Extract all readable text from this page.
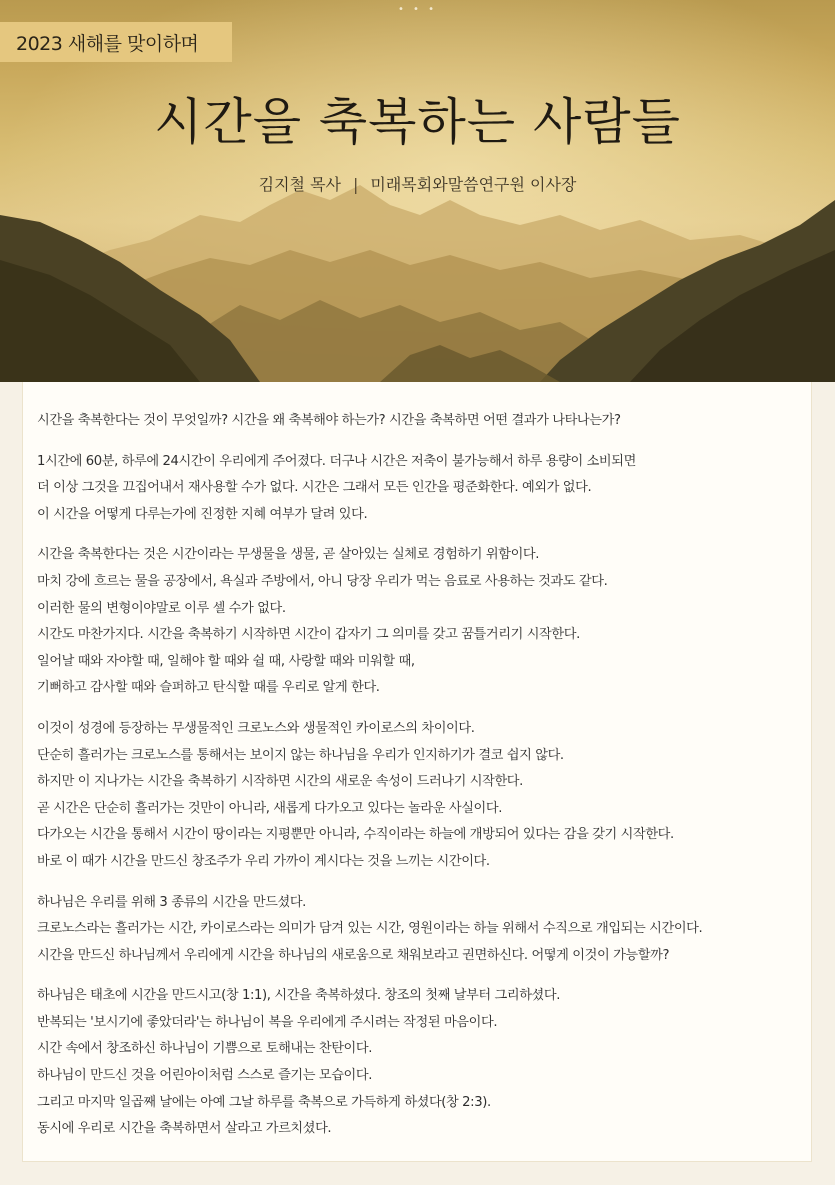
• • •
2023 새해를 맞이하며
시간을 축복하는 사람들
김지철 목사 | 미래목회와말씀연구원 이사장
시간을 축복한다는 것이 무엇일까? 시간을 왜 축복해야 하는가? 시간을 축복하면 어떤 결과가 나타나는가?
1시간에 60분, 하루에 24시간이 우리에게 주어졌다. 더구나 시간은 저축이 불가능해서 하루 용량이 소비되면
더 이상 그것을 끄집어내서 재사용할 수가 없다. 시간은 그래서 모든 인간을 평준화한다. 예외가 없다.
이 시간을 어떻게 다루는가에 진정한 지혜 여부가 달려 있다.
시간을 축복한다는 것은 시간이라는 무생물을 생물, 곧 살아있는 실체로 경험하기 위함이다.
마치 강에 흐르는 물을 공장에서, 욕실과 주방에서, 아니 당장 우리가 먹는 음료로 사용하는 것과도 같다.
이러한 물의 변형이야말로 이루 셀 수가 없다.
시간도 마찬가지다. 시간을 축복하기 시작하면 시간이 갑자기 그 의미를 갖고 꿈틀거리기 시작한다.
일어날 때와 자야할 때, 일해야 할 때와 쉴 때, 사랑할 때와 미워할 때,
기뻐하고 감사할 때와 슬퍼하고 탄식할 때를 우리로 알게 한다.
이것이 성경에 등장하는 무생물적인 크로노스와 생물적인 카이로스의 차이이다.
단순히 흘러가는 크로노스를 통해서는 보이지 않는 하나님을 우리가 인지하기가 결코 쉽지 않다.
하지만 이 지나가는 시간을 축복하기 시작하면 시간의 새로운 속성이 드러나기 시작한다.
곧 시간은 단순히 흘러가는 것만이 아니라, 새롭게 다가오고 있다는 놀라운 사실이다.
다가오는 시간을 통해서 시간이 땅이라는 지평뿐만 아니라, 수직이라는 하늘에 개방되어 있다는 감을 갖기 시작한다.
바로 이 때가 시간을 만드신 창조주가 우리 가까이 계시다는 것을 느끼는 시간이다.
하나님은 우리를 위해 3 종류의 시간을 만드셨다.
크로노스라는 흘러가는 시간, 카이로스라는 의미가 담겨 있는 시간, 영원이라는 하늘 위해서 수직으로 개입되는 시간이다.
시간을 만드신 하나님께서 우리에게 시간을 하나님의 새로움으로 채워보라고 권면하신다. 어떻게 이것이 가능할까?
하나님은 태초에 시간을 만드시고(창 1:1), 시간을 축복하셨다. 창조의 첫째 날부터 그리하셨다.
반복되는 '보시기에 좋았더라'는 하나님이 복을 우리에게 주시려는 작정된 마음이다.
시간 속에서 창조하신 하나님이 기쁨으로 토해내는 찬탄이다.
하나님이 만드신 것을 어린아이처럼 스스로 즐기는 모습이다.
그리고 마지막 일곱째 날에는 아예 그날 하루를 축복으로 가득하게 하셨다(창 2:3).
동시에 우리로 시간을 축복하면서 살라고 가르치셨다.
